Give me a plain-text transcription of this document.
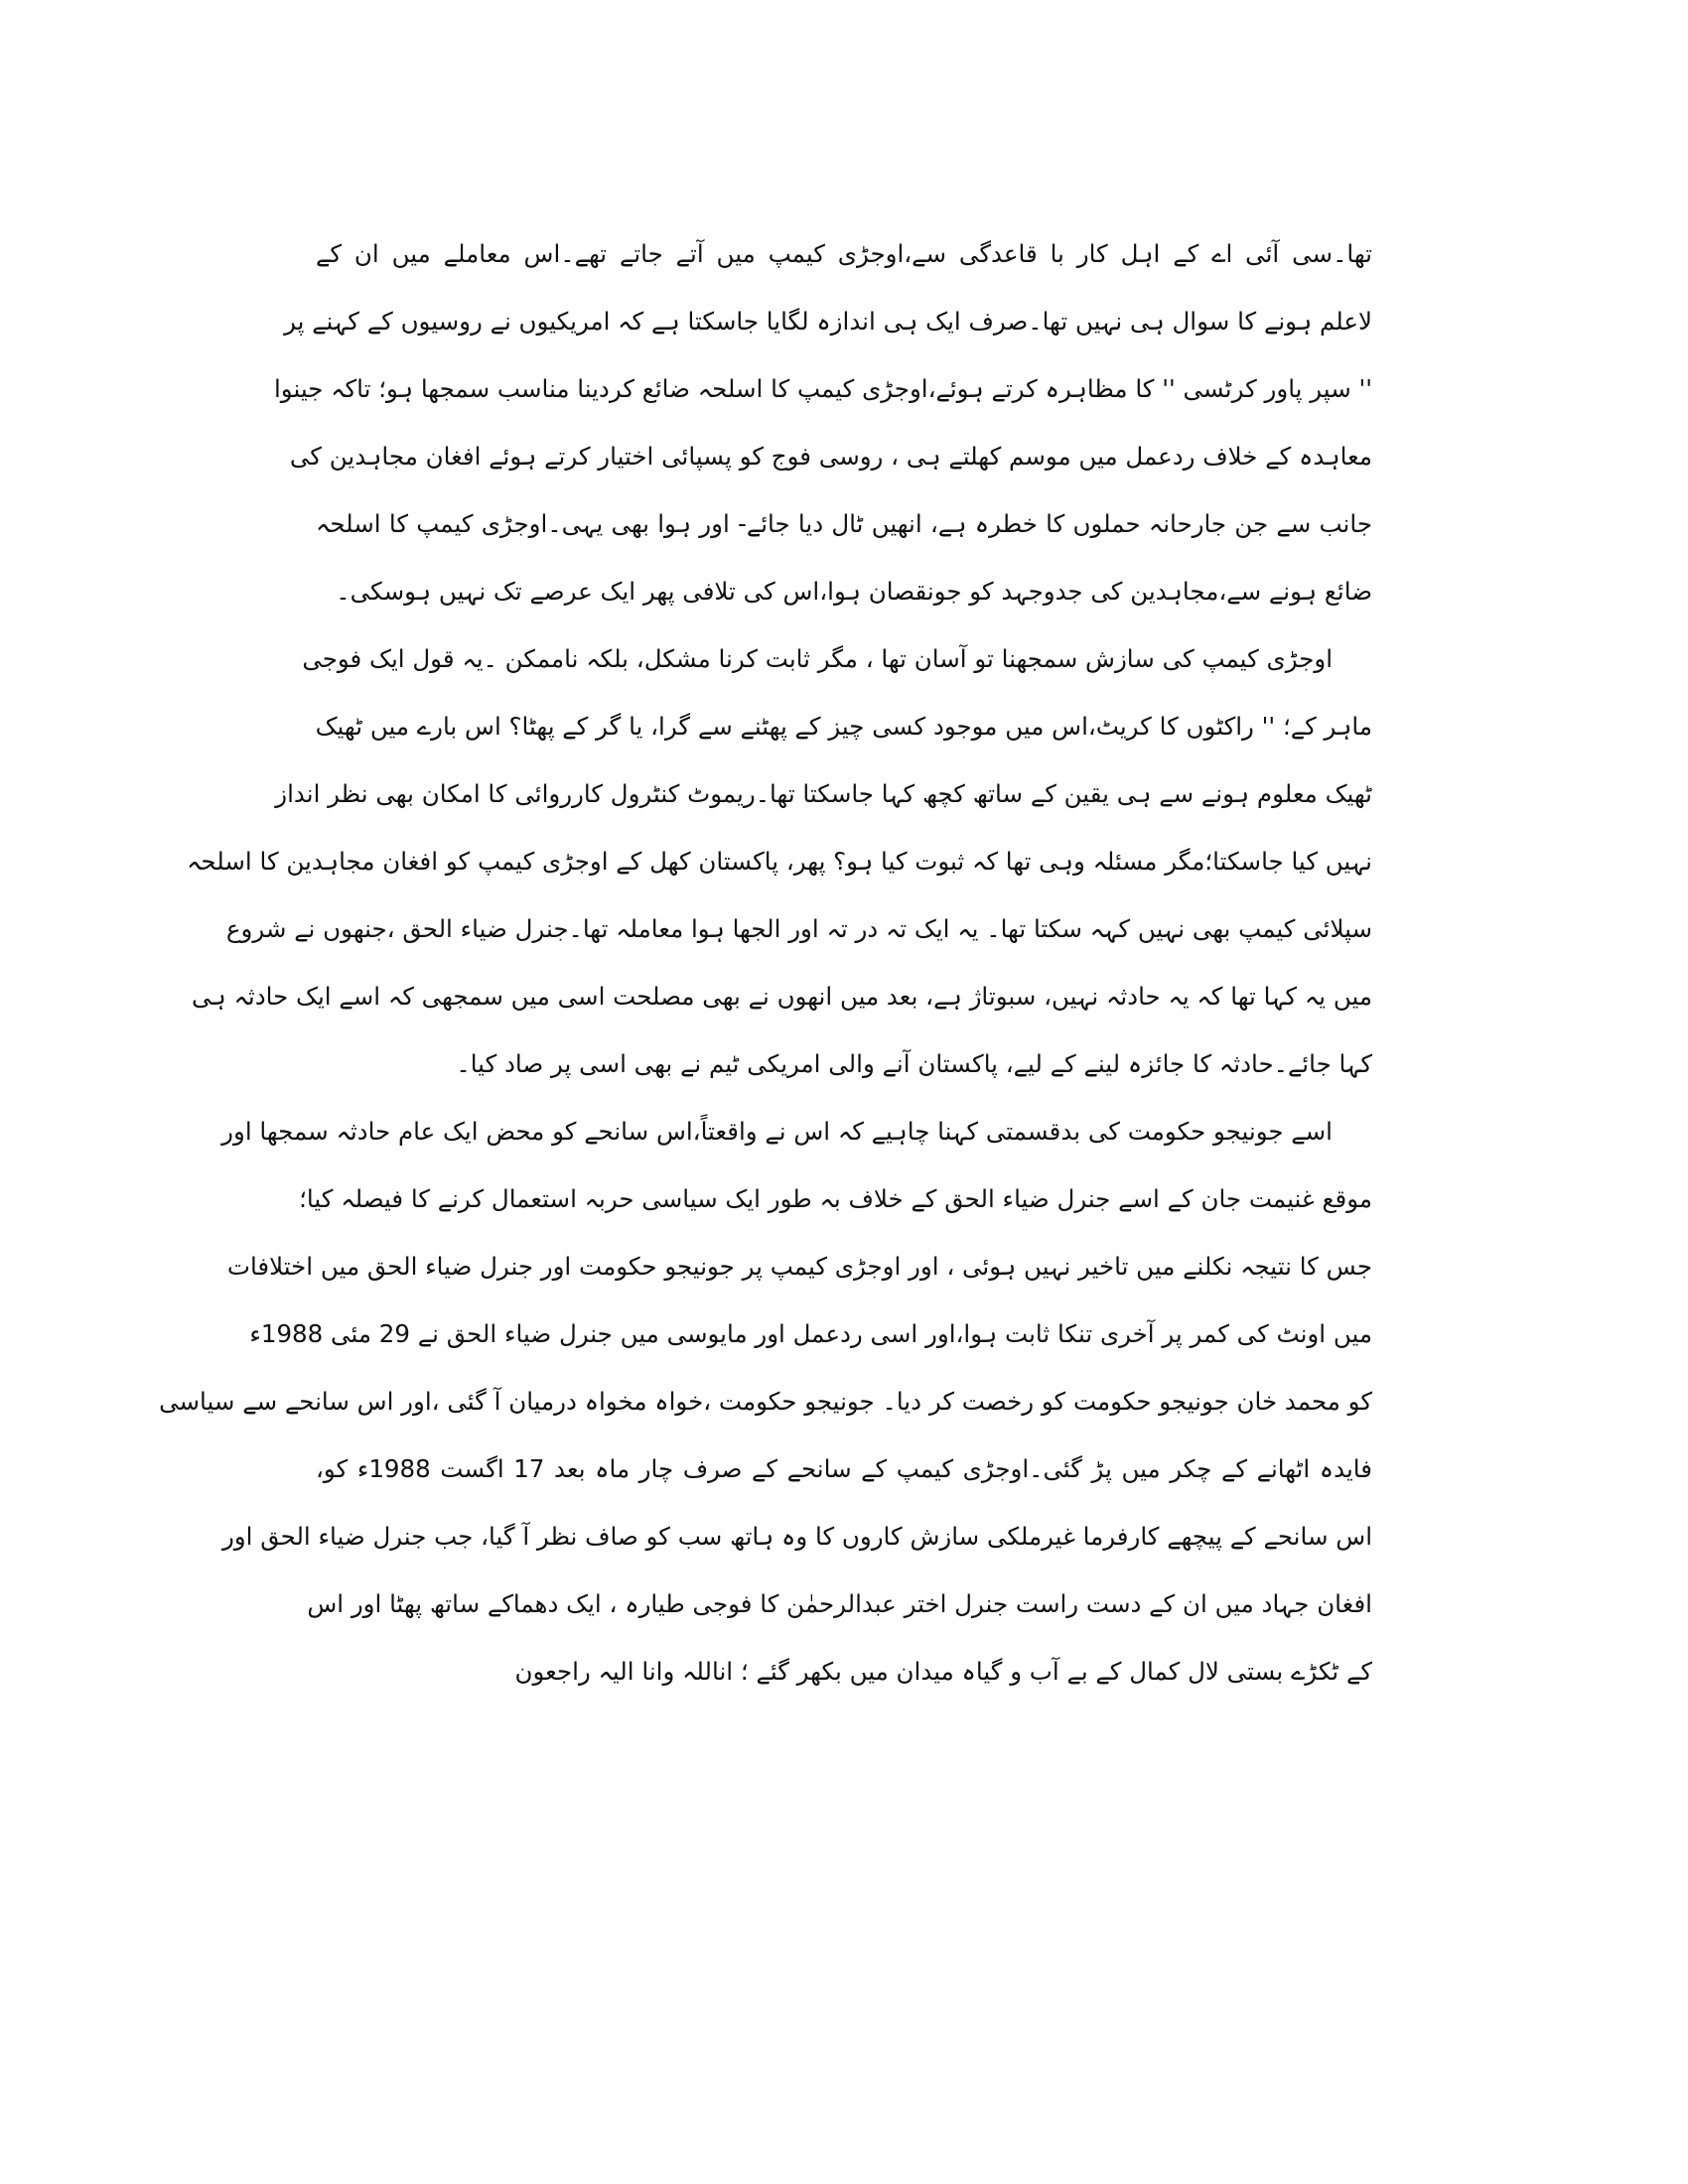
تھا۔سی آئی اے کے اہل کار با قاعدگی سے،اوجڑی کیمپ میں آتے جاتے تھے۔اس معاملے میں ان کے
لاعلم ہونے کا سوال ہی نہیں تھا۔صرف ایک ہی اندازہ لگایا جاسکتا ہے کہ امریکیوں نے روسیوں کے کہنے پر
'' سپر پاور کرٹسی '' کا مظاہرہ کرتے ہوئے،اوجڑی کیمپ کا اسلحہ ضائع کردینا مناسب سمجھا ہو؛ تاکہ جینوا
معاہدہ کے خلاف ردعمل میں موسم کھلتے ہی ، روسی فوج کو پسپائی اختیار کرتے ہوئے افغان مجاہدین کی
جانب سے جن جارحانہ حملوں کا خطرہ ہے، انھیں ٹال دیا جائے- اور ہوا بھی یہی۔اوجڑی کیمپ کا اسلحہ
ضائع ہونے سے،مجاہدین کی جدوجہد کو جونقصان ہوا،اس کی تلافی پھر ایک عرصے تک نہیں ہوسکی۔
اوجڑی کیمپ کی سازش سمجھنا تو آسان تھا ، مگر ثابت کرنا مشکل، بلکہ ناممکن ۔یہ قول ایک فوجی
ماہر کے؛ '' راکٹوں کا کریٹ،اس میں موجود کسی چیز کے پھٹنے سے گرا، یا گر کے پھٹا؟ اس بارے میں ٹھیک
ٹھیک معلوم ہونے سے ہی یقین کے ساتھ کچھ کہا جاسکتا تھا۔ریموٹ کنٹرول کارروائی کا امکان بھی نظر انداز
نہیں کیا جاسکتا؛مگر مسئلہ وہی تھا کہ ثبوت کیا ہو؟ پھر، پاکستان کھل کے اوجڑی کیمپ کو افغان مجاہدین کا اسلحہ
سپلائی کیمپ بھی نہیں کہہ سکتا تھا۔ یہ ایک تہ در تہ اور الجھا ہوا معاملہ تھا۔جنرل ضیاء الحق ،جنھوں نے شروع
میں یہ کہا تھا کہ یہ حادثہ نہیں، سبوتاژ ہے، بعد میں انھوں نے بھی مصلحت اسی میں سمجھی کہ اسے ایک حادثہ ہی
کہا جائے۔حادثہ کا جائزہ لینے کے لیے، پاکستان آنے والی امریکی ٹیم نے بھی اسی پر صاد کیا۔
اسے جونیجو حکومت کی بدقسمتی کہنا چاہیے کہ اس نے واقعتاً،اس سانحے کو محض ایک عام حادثہ سمجھا اور
موقع غنیمت جان کے اسے جنرل ضیاء الحق کے خلاف بہ طور ایک سیاسی حربہ استعمال کرنے کا فیصلہ کیا؛
جس کا نتیجہ نکلنے میں تاخیر نہیں ہوئی ، اور اوجڑی کیمپ پر جونیجو حکومت اور جنرل ضیاء الحق میں اختلافات
میں اونٹ کی کمر پر آخری تنکا ثابت ہوا،اور اسی ردعمل اور مایوسی میں جنرل ضیاء الحق نے 29 مئی 1988ء
کو محمد خان جونیجو حکومت کو رخصت کر دیا۔ جونیجو حکومت ،خواہ مخواہ درمیان آ گئی ،اور اس سانحے سے سیاسی
فایدہ اٹھانے کے چکر میں پڑ گئی۔اوجڑی کیمپ کے سانحے کے صرف چار ماہ بعد 17 اگست 1988ء کو،
اس سانحے کے پیچھے کارفرما غیرملکی سازش کاروں کا وہ ہاتھ سب کو صاف نظر آ گیا، جب جنرل ضیاء الحق اور
افغان جہاد میں ان کے دست راست جنرل اختر عبدالرحمٰن کا فوجی طیارہ ، ایک دھماکے ساتھ پھٹا اور اس
کے ٹکڑے بستی لال کمال کے بے آب و گیاہ میدان میں بکھر گئے ؛ اناللہ وانا الیہ راجعون
